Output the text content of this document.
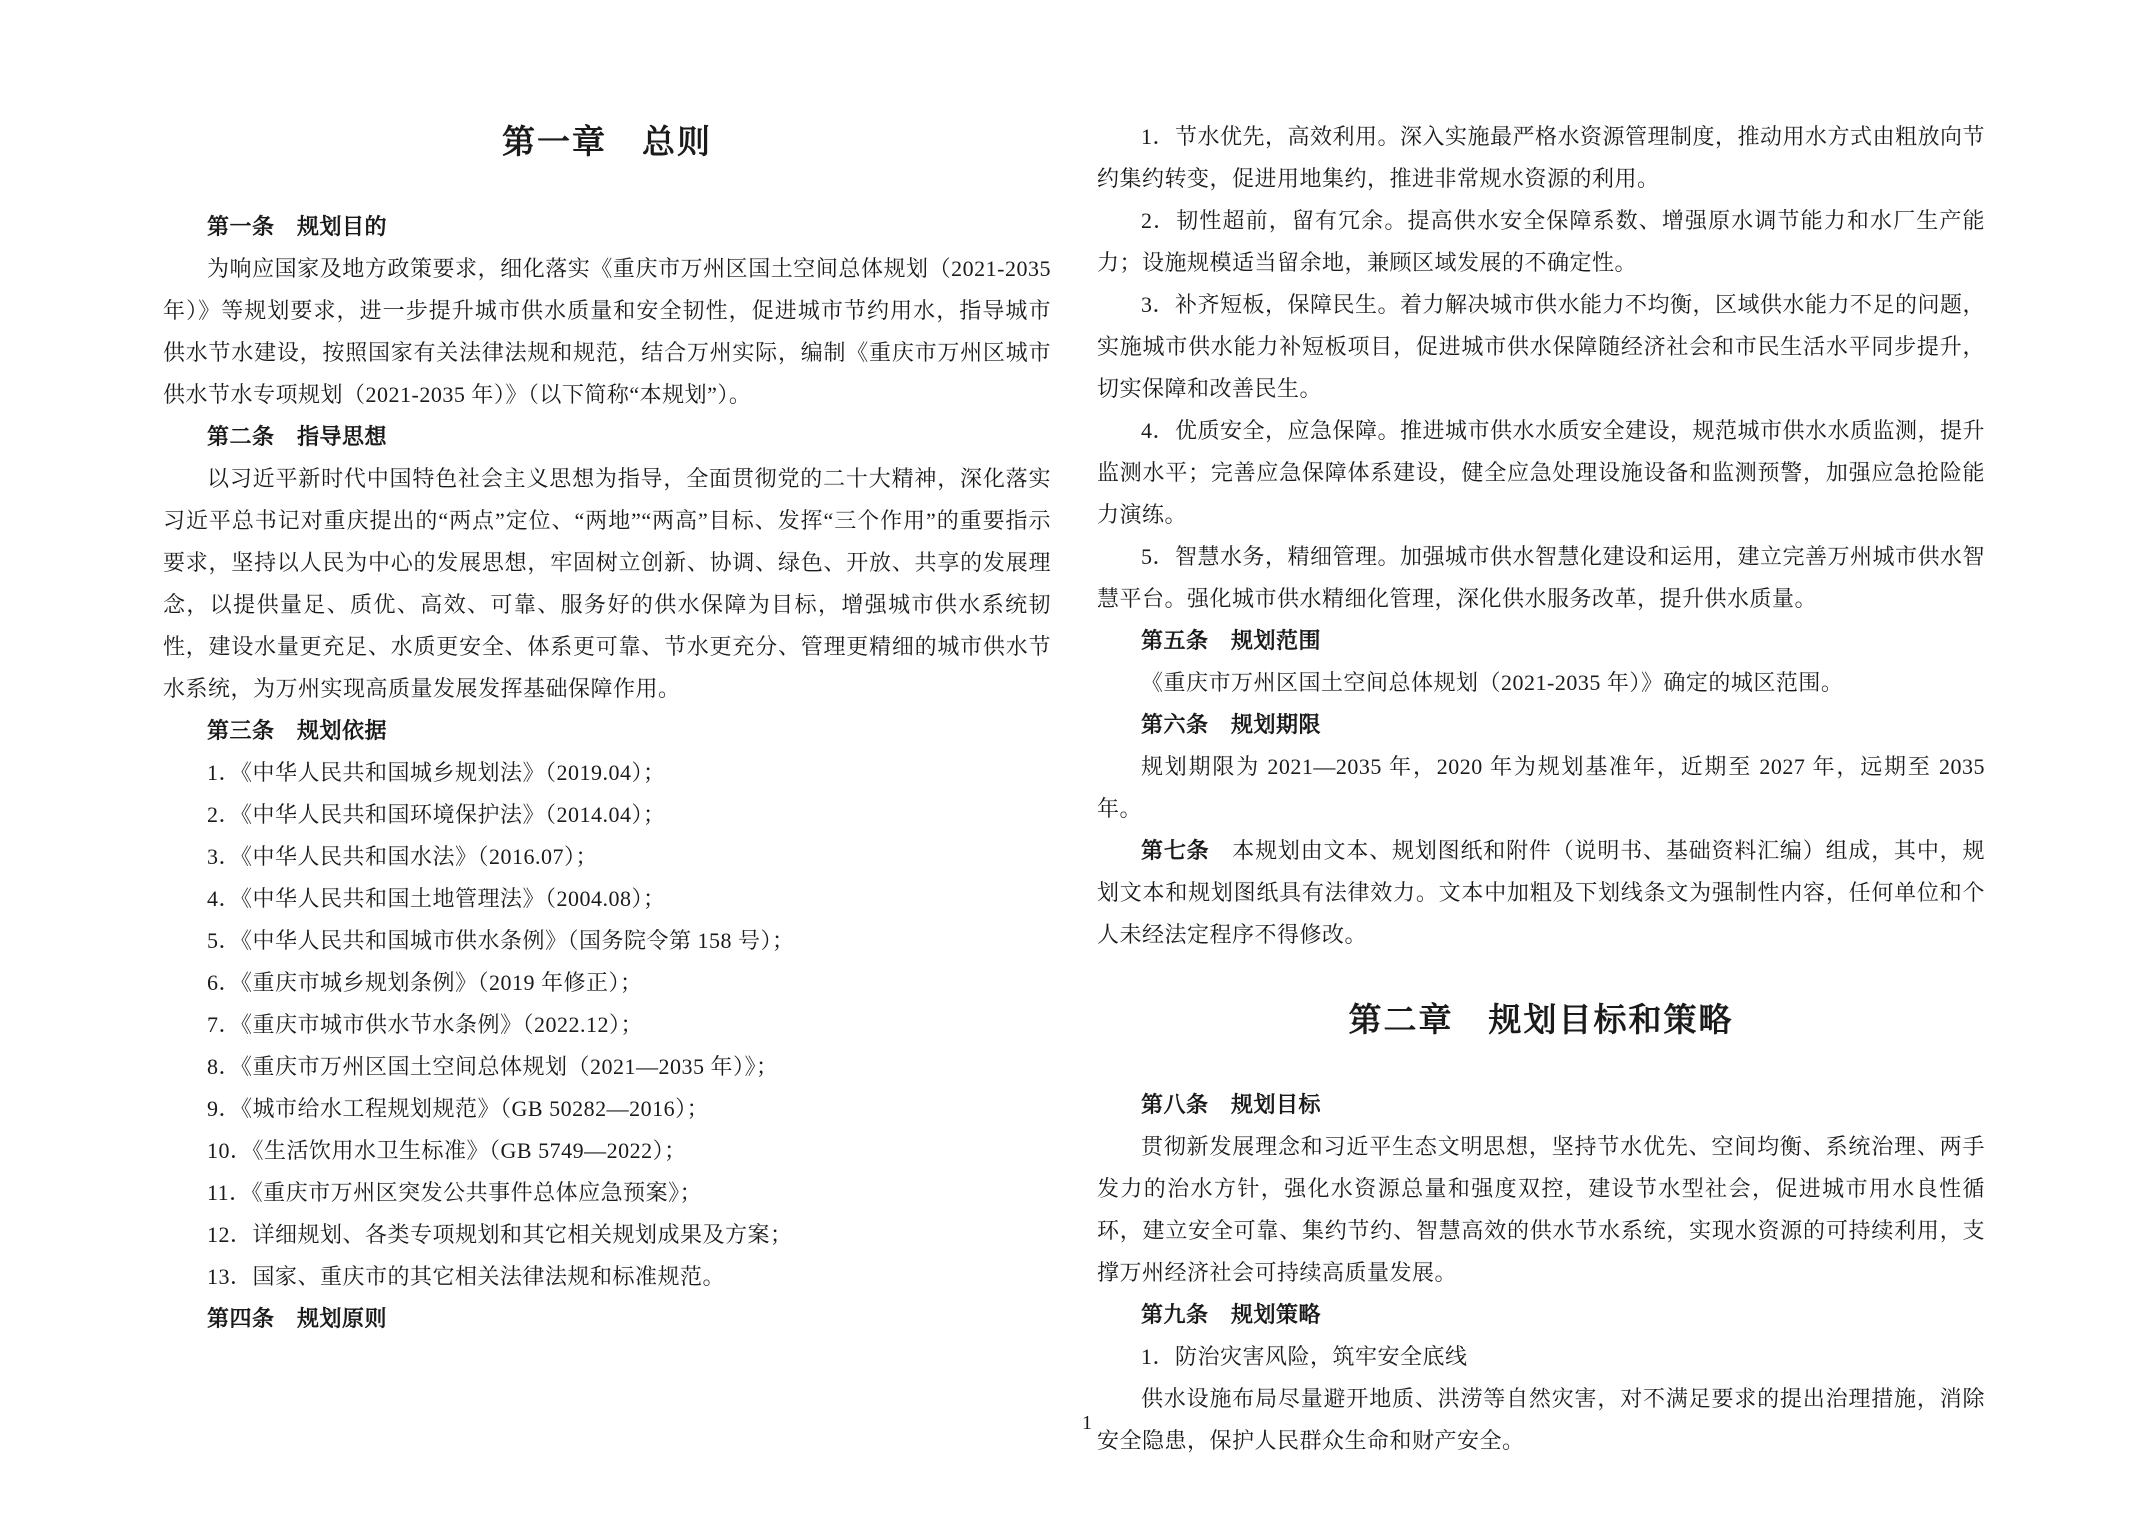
第一章　总则
第一条　规划目的
为响应国家及地方政策要求，细化落实《重庆市万州区国土空间总体规划（2021-2035 年）》等规划要求，进一步提升城市供水质量和安全韧性，促进城市节约用水，指导城市供水节水建设，按照国家有关法律法规和规范，结合万州实际，编制《重庆市万州区城市供水节水专项规划（2021-2035 年）》（以下简称“本规划”）。
第二条　指导思想
以习近平新时代中国特色社会主义思想为指导，全面贯彻党的二十大精神，深化落实习近平总书记对重庆提出的“两点”定位、“两地”“两高”目标、发挥“三个作用”的重要指示要求，坚持以人民为中心的发展思想，牢固树立创新、协调、绿色、开放、共享的发展理念，以提供量足、质优、高效、可靠、服务好的供水保障为目标，增强城市供水系统韧性，建设水量更充足、水质更安全、体系更可靠、节水更充分、管理更精细的城市供水节水系统，为万州实现高质量发展发挥基础保障作用。
第三条　规划依据
1．《中华人民共和国城乡规划法》（2019.04）；
2．《中华人民共和国环境保护法》（2014.04）；
3．《中华人民共和国水法》（2016.07）；
4．《中华人民共和国土地管理法》（2004.08）；
5．《中华人民共和国城市供水条例》（国务院令第 158 号）；
6．《重庆市城乡规划条例》（2019 年修正）；
7．《重庆市城市供水节水条例》（2022.12）；
8．《重庆市万州区国土空间总体规划（2021—2035 年）》；
9．《城市给水工程规划规范》（GB 50282—2016）；
10．《生活饮用水卫生标准》（GB 5749—2022）；
11．《重庆市万州区突发公共事件总体应急预案》；
12．详细规划、各类专项规划和其它相关规划成果及方案；
13．国家、重庆市的其它相关法律法规和标准规范。
第四条　规划原则
1．节水优先，高效利用。深入实施最严格水资源管理制度，推动用水方式由粗放向节约集约转变，促进用地集约，推进非常规水资源的利用。
2．韧性超前，留有冗余。提高供水安全保障系数、增强原水调节能力和水厂生产能力；设施规模适当留余地，兼顾区域发展的不确定性。
3．补齐短板，保障民生。着力解决城市供水能力不均衡，区域供水能力不足的问题，实施城市供水能力补短板项目，促进城市供水保障随经济社会和市民生活水平同步提升，切实保障和改善民生。
4．优质安全，应急保障。推进城市供水水质安全建设，规范城市供水水质监测，提升监测水平；完善应急保障体系建设，健全应急处理设施设备和监测预警，加强应急抢险能力演练。
5．智慧水务，精细管理。加强城市供水智慧化建设和运用，建立完善万州城市供水智慧平台。强化城市供水精细化管理，深化供水服务改革，提升供水质量。
第五条　规划范围
《重庆市万州区国土空间总体规划（2021-2035 年）》确定的城区范围。
第六条　规划期限
规划期限为 2021—2035 年，2020 年为规划基准年，近期至 2027 年，远期至 2035 年。
第七条　本规划由文本、规划图纸和附件（说明书、基础资料汇编）组成，其中，规划文本和规划图纸具有法律效力。文本中加粗及下划线条文为强制性内容，任何单位和个人未经法定程序不得修改。
第二章　规划目标和策略
第八条　规划目标
贯彻新发展理念和习近平生态文明思想，坚持节水优先、空间均衡、系统治理、两手发力的治水方针，强化水资源总量和强度双控，建设节水型社会，促进城市用水良性循环，建立安全可靠、集约节约、智慧高效的供水节水系统，实现水资源的可持续利用，支撑万州经济社会可持续高质量发展。
第九条　规划策略
1．防治灾害风险，筑牢安全底线
供水设施布局尽量避开地质、洪涝等自然灾害，对不满足要求的提出治理措施，消除安全隐患，保护人民群众生命和财产安全。
1
